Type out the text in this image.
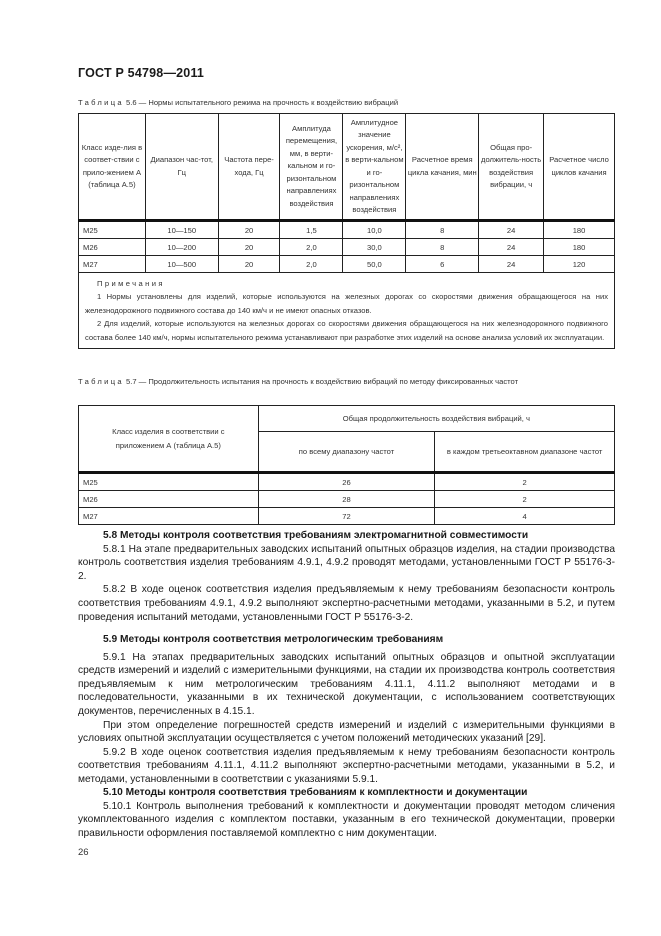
ГОСТ Р 54798—2011
Таблица 5.6 — Нормы испытательного режима на прочность к воздействию вибраций
Класс изде-лия в соответ-ствии с прило-жением А (таблица А.5)	Диапазон час-тот, Гц	Частота пере-хода, Гц	Амплитуда перемещения, мм, в верти-кальном и го-ризонтальном направлениях воздействия	Амплитудное значение ускорения, м/с², в верти-кальном и го-ризонтальном направлениях воздействия	Расчетное время цикла качания, мин	Общая про-должитель-ность воздействия вибрации, ч	Расчетное число циклов качания
М25	10—150	20	1,5	10,0	8	24	180
М26	10—200	20	2,0	30,0	8	24	180
М27	10—500	20	2,0	50,0	6	24	120

Примечания
1 Нормы установлены для изделий, которые используются на железных дорогах со скоростями движения обращающегося на них железнодорожного подвижного состава до 140 км/ч и не имеют опасных отказов.
2 Для изделий, которые используются на железных дорогах со скоростями движения обращающегося на них железнодорожного подвижного состава более 140 км/ч, нормы испытательного режима устанавливают при разработке этих изделий на основе анализа условий их эксплуатации.							
Таблица 5.7 — Продолжительность испытания на прочность к воздействию вибраций по методу фиксированных частот
Класс изделия в соответствии с приложением А (таблица А.5)	Общая продолжительность воздействия вибраций, ч	
	по всему диапазону частот	в каждом третьеоктавном диапазоне частот
М25	26	2
М26	28	2
М27	72	4
5.8 Методы контроля соответствия требованиям электромагнитной совместимости

5.8.1 На этапе предварительных заводских испытаний опытных образцов изделия, на стадии производства контроль соответствия изделия требованиям 4.9.1, 4.9.2 проводят методами, установленными ГОСТ Р 55176-3-2.

5.8.2 В ходе оценок соответствия изделия предъявляемым к нему требованиям безопасности контроль соответствия требованиям 4.9.1, 4.9.2 выполняют экспертно-расчетными методами, указанными в 5.2, и путем проведения испытаний методами, установленными ГОСТ Р 55176-3-2.

5.9 Методы контроля соответствия метрологическим требованиям

5.9.1 На этапах предварительных заводских испытаний опытных образцов и опытной эксплуатации средств измерений и изделий с измерительными функциями, на стадии их производства контроль соответствия предъявляемым к ним метрологическим требованиям 4.11.1, 4.11.2 выполняют методами и в последовательности, указанными в их технической документации, с использованием соответствующих документов, перечисленных в 4.15.1.

При этом определение погрешностей средств измерений и изделий с измерительными функциями в условиях опытной эксплуатации осуществляется с учетом положений методических указаний [29].

5.9.2 В ходе оценок соответствия изделия предъявляемым к нему требованиям безопасности контроль соответствия требованиям 4.11.1, 4.11.2 выполняют экспертно-расчетными методами, указанными в 5.2, и методами, установленными в соответствии с указаниями 5.9.1.

5.10 Методы контроля соответствия требованиям к комплектности и документации

5.10.1 Контроль выполнения требований к комплектности и документации проводят методом сличения укомплектованного изделия с комплектом поставки, указанным в его технической документации, проверки правильности оформления поставляемой комплектно с ним документации.

26
